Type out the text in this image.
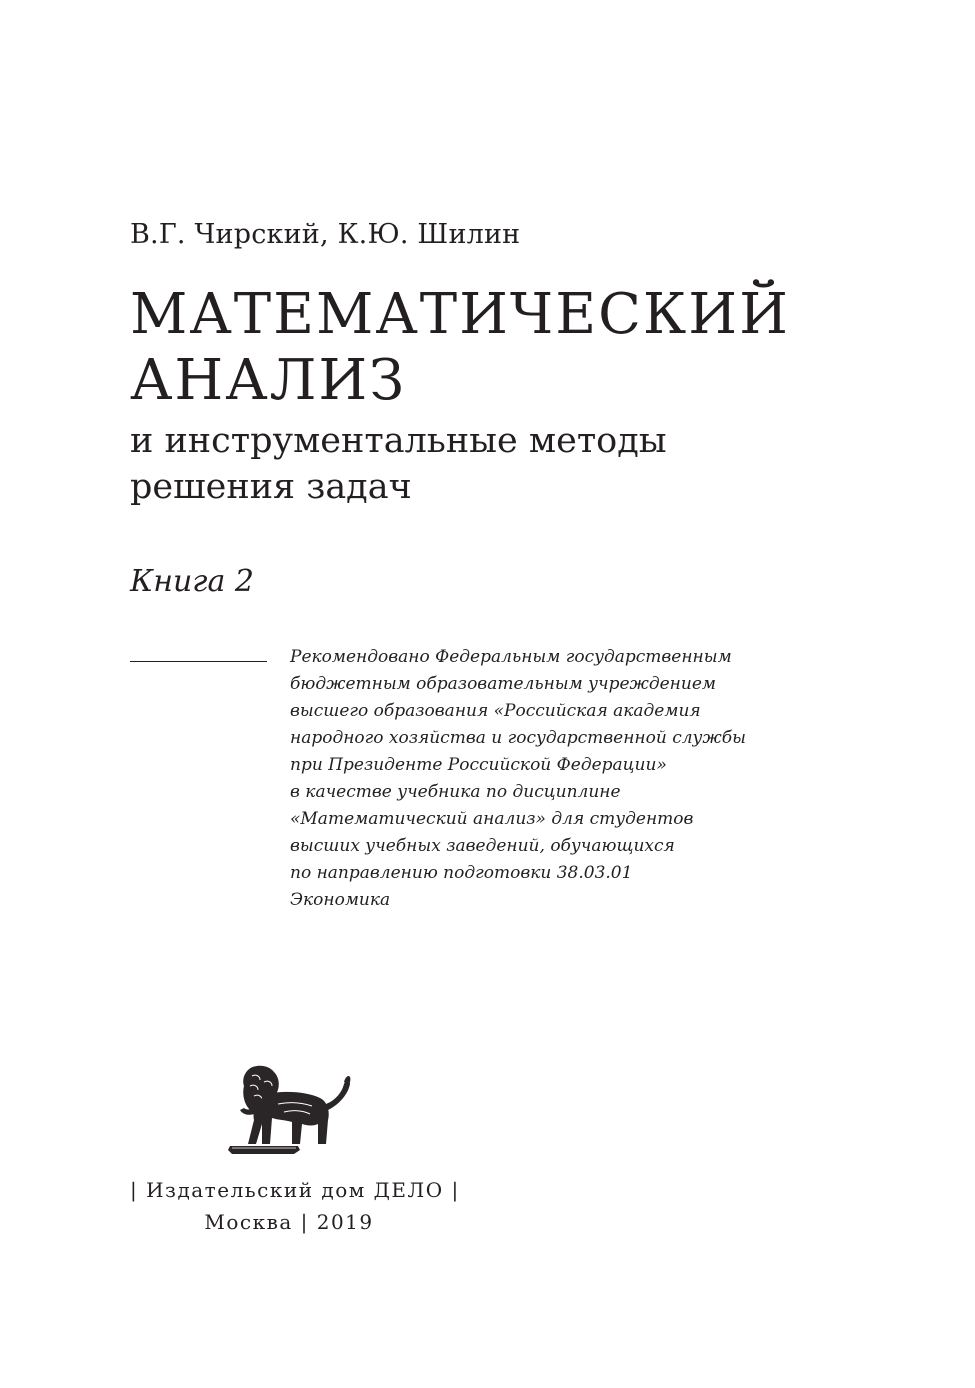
В.Г. Чирский, К.Ю. Шилин
МАТЕМАТИЧЕСКИЙ
АНАЛИЗ
и инструментальные методы
решения задач
Книга 2
Рекомендовано Федеральным государственным
бюджетным образовательным учреждением
высшего образования «Российская академия
народного хозяйства и государственной службы
при Президенте Российской Федерации»
в качестве учебника по дисциплине
«Математический анализ» для студентов
высших учебных заведений, обучающихся
по направлению подготовки 38.03.01
Экономика
| Издательский дом ДЕЛО |
Москва | 2019
